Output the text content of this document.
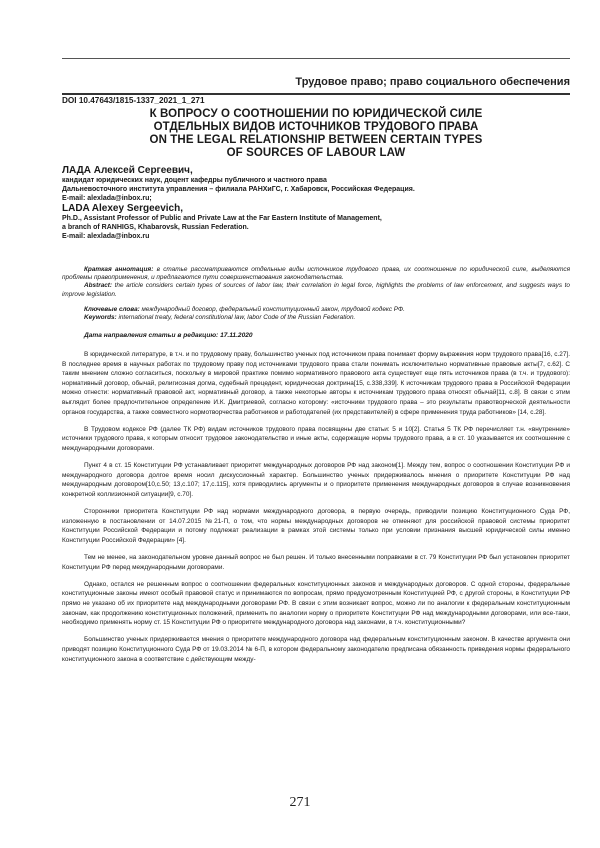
Трудовое право; право социального обеспечения
DOI 10.47643/1815-1337_2021_1_271
К ВОПРОСУ О СООТНОШЕНИИ ПО ЮРИДИЧЕСКОЙ СИЛЕ
ОТДЕЛЬНЫХ ВИДОВ ИСТОЧНИКОВ ТРУДОВОГО ПРАВА
ON THE LEGAL RELATIONSHIP BETWEEN CERTAIN TYPES
OF SOURCES OF LABOUR LAW
ЛАДА Алексей Сергеевич,
кандидат юридических наук, доцент кафедры публичного и частного права
Дальневосточного института управления – филиала РАНХиГС, г. Хабаровск, Российская Федерация.
E-mail: alexlada@inbox.ru;
LADA Alexey Sergeevich,
Ph.D., Assistant Professor of Public and Private Law at the Far Eastern Institute of Management,
a branch of RANHIGS, Khabarovsk, Russian Federation.
E-mail: alexlada@inbox.ru

Краткая аннотация: в статье рассматриваются отдельные виды источников трудового права, их соотношение по юридической силе, выделяются проблемы правоприменения, и предлагаются пути совершенствования законодательства.

Abstract: the article considers certain types of sources of labor law, their correlation in legal force, highlights the problems of law enforcement, and suggests ways to improve legislation.

Ключевые слова: международный договор, федеральный конституционный закон, трудовой кодекс РФ.

Keywords: international treaty, federal constitutional law, labor Code of the Russian Federation.

Дата направления статьи в редакцию: 17.11.2020

В юридической литературе, в т.ч. и по трудовому праву, большинство ученых под источником права понимает форму выражения норм трудового права[16, с.27]. В последнее время в научных работах по трудовому праву под источниками трудового права стали понимать исключительно нормативные правовые акты[7, с.62]. С таким мнением сложно согласиться, поскольку в мировой практике помимо нормативного правового акта существует еще пять источников права (в т.ч. и трудового): нормативный договор, обычай, религиозная догма, судебный прецедент, юридическая доктрина[15, с.338,339]. К источникам трудового права в Российской Федерации можно отнести: нормативный правовой акт, нормативный договор, а также некоторые авторы к источникам трудового права относят обычай[11, с.8]. В связи с этим выглядит более предпочтительное определение И.К. Дмитриевой, согласно которому: «источники трудового права – это результаты правотворческой деятельности органов государства, а также совместного нормотворчества работников и работодателей (их представителей) в сфере применения труда работников» [14, с.28].

В Трудовом кодексе РФ (далее ТК РФ) видам источников трудового права посвящены две статьи: 5 и 10[2]. Статья 5 ТК РФ перечисляет т.н. «внутренние» источники трудового права, к которым относит трудовое законодательство и иные акты, содержащие нормы трудового права, а в ст. 10 указывается их соотношение с международными договорами.

Пункт 4 в ст. 15 Конституции РФ устанавливает приоритет международных договоров РФ над законом[1]. Между тем, вопрос о соотношении Конституции РФ и международного договора долгое время носил дискуссионный характер. Большинство ученых придерживалось мнения о приоритете Конституции РФ над международным договором[10,с.50; 13,с.107; 17,с.115], хотя приводились аргументы и о приоритете применения международных договоров в случае возникновения конкретной коллизионной ситуации[9, с.70].

Сторонники приоритета Конституции РФ над нормами международного договора, в первую очередь, приводили позицию Конституционного Суда РФ, изложенную в постановлении от 14.07.2015 №21-П, о том, что нормы международных договоров не отменяют для российской правовой системы приоритет Конституции Российской Федерации и потому подлежат реализации в рамках этой системы только при условии признания высшей юридической силы именно Конституции Российской Федерации» [4].

Тем не менее, на законодательном уровне данный вопрос не был решен. И только внесенными поправками в ст. 79 Конституции РФ был установлен приоритет Конституции РФ перед международными договорами.

Однако, остался не решенным вопрос о соотношении федеральных конституционных законов и международных договоров. С одной стороны, федеральные конституционные законы имеют особый правовой статус и принимаются по вопросам, прямо предусмотренным Конституцией РФ, с другой стороны, в Конституции РФ прямо не указано об их приоритете над международными договорами РФ. В связи с этим возникает вопрос, можно ли по аналогии к федеральным конституционным законам, как продолжению конституционных положений, применить по аналогии норму о приоритете Конституции РФ над международными договорами, или все-таки, необходимо применять норму ст. 15 Конституции РФ о приоритете международного договора над законами, в т.ч. конституционными?

Большинство ученых придерживается мнения о приоритете международного договора над федеральным конституционным законом. В качестве аргумента они приводят позицию Конституционного Суда РФ от 19.03.2014 № 6-П, в котором федеральному законодателю предписана обязанность приведения нормы федерального конституционного закона в соответствие с действующим между-

271
